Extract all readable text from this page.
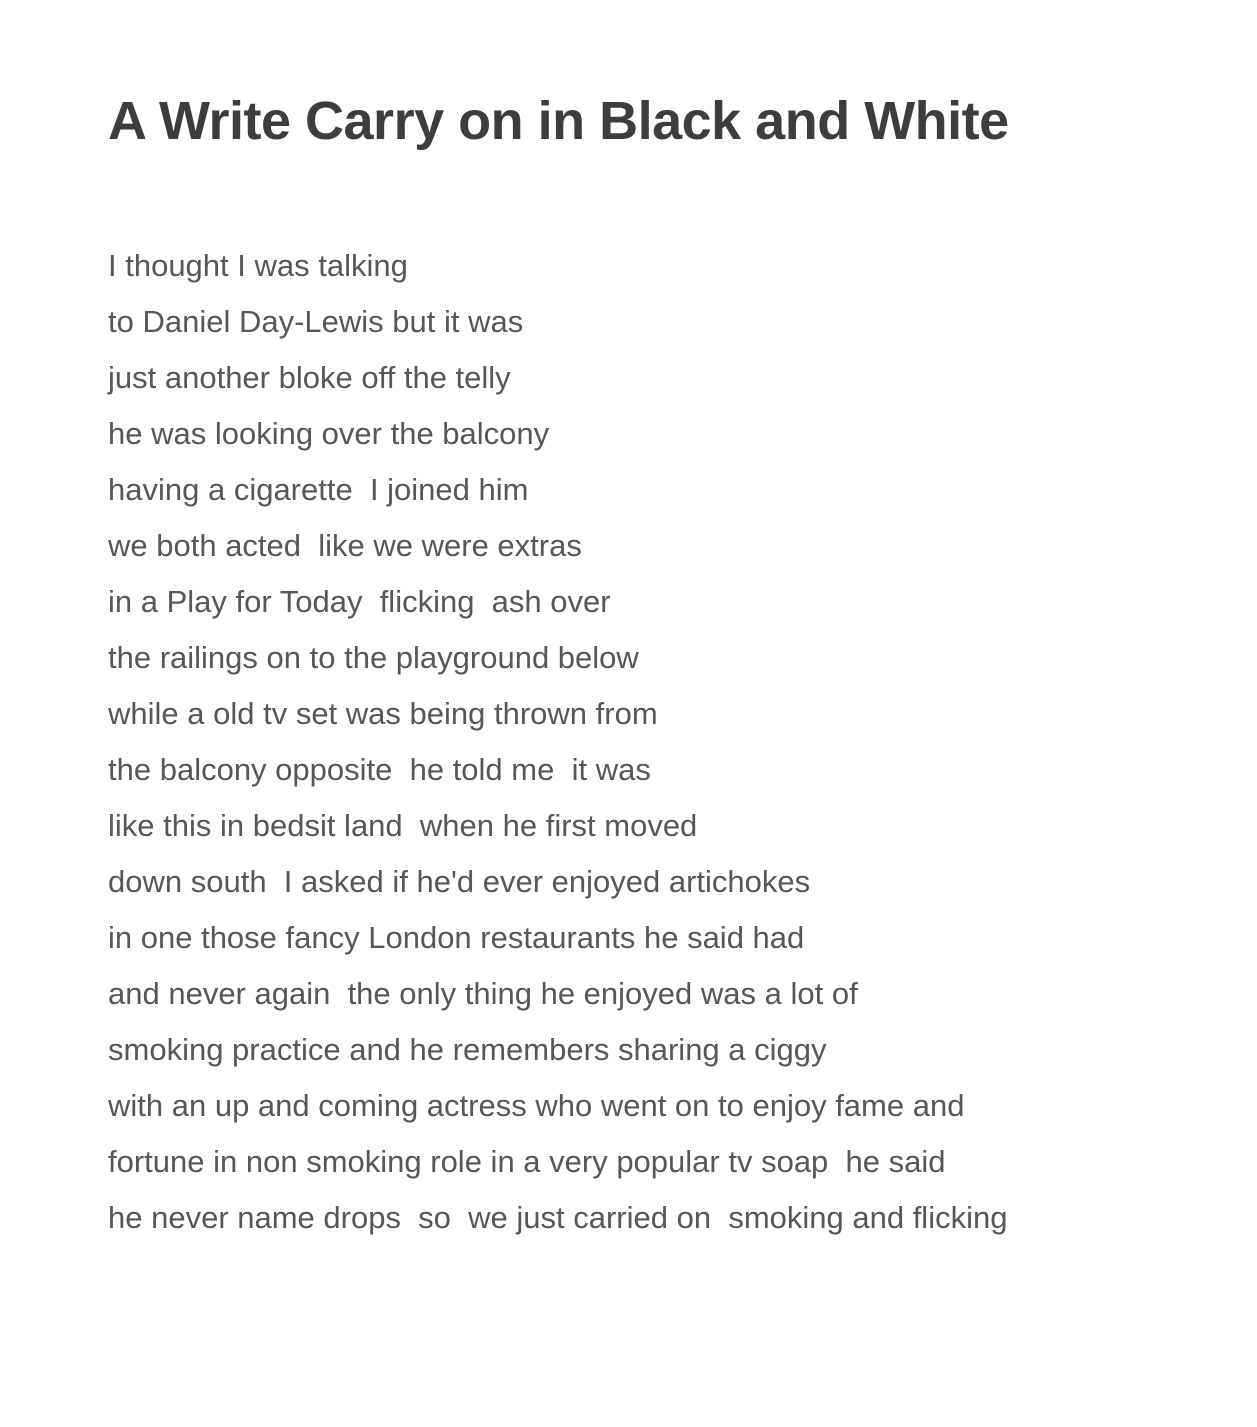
A Write Carry on in Black and White
I thought I was talking
to Daniel Day-Lewis but it was
just another bloke off the telly
he was looking over the balcony
having a cigarette  I joined him
we both acted  like we were extras
in a Play for Today  flicking  ash over
the railings on to the playground below
while a old tv set was being thrown from
the balcony opposite  he told me  it was
like this in bedsit land  when he first moved
down south  I asked if he'd ever enjoyed artichokes
in one those fancy London restaurants he said had
and never again  the only thing he enjoyed was a lot of
smoking practice and he remembers sharing a ciggy
with an up and coming actress who went on to enjoy fame and
fortune in non smoking role in a very popular tv soap  he said
he never name drops  so  we just carried on  smoking and flicking
